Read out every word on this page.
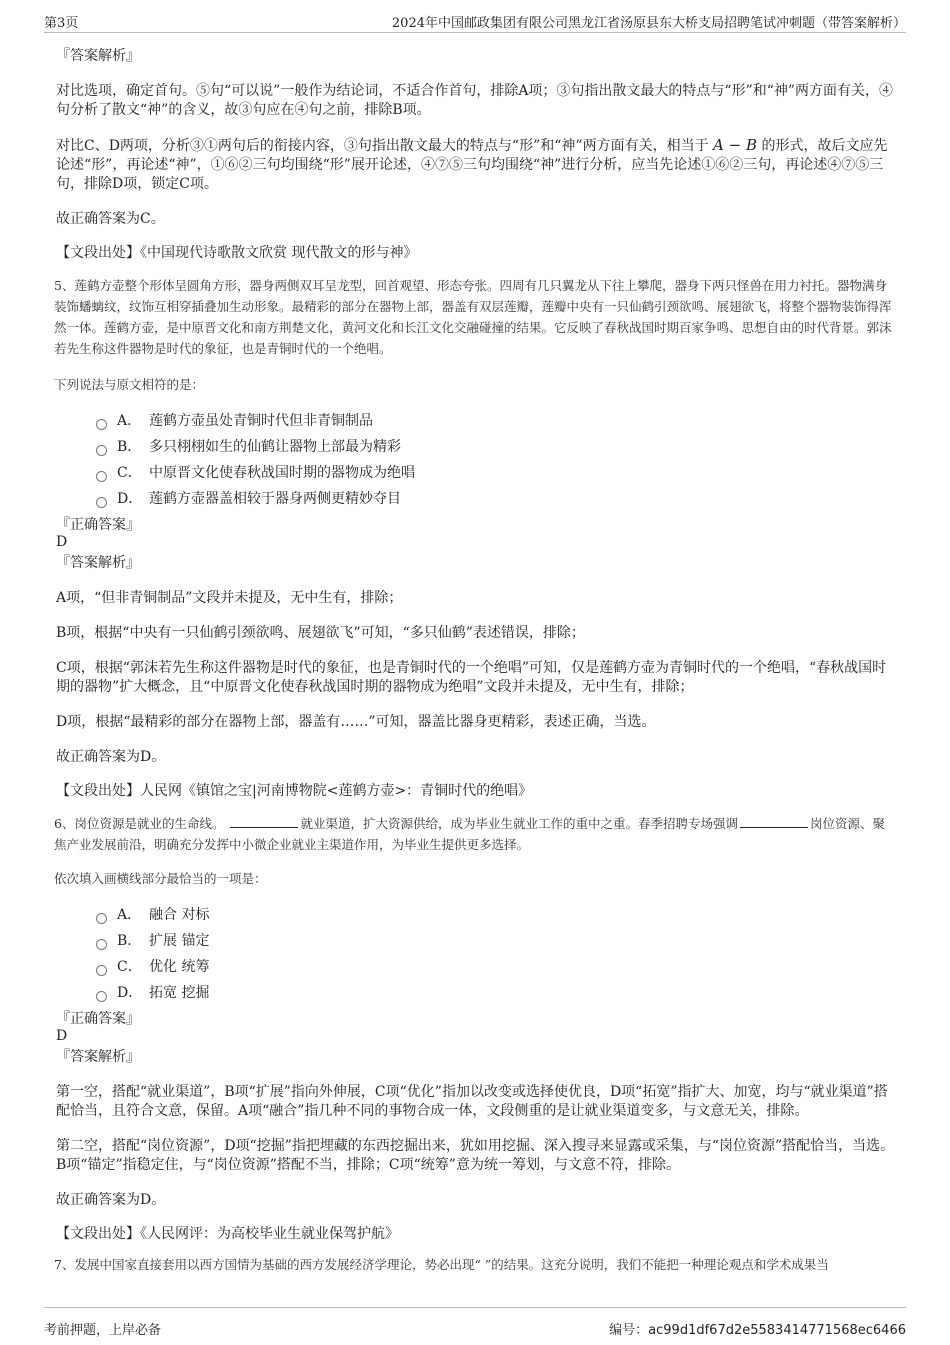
第3页	2024年中国邮政集团有限公司黑龙江省汤原县东大桥支局招聘笔试冲刺题（带答案解析）
『答案解析』

对比选项，确定首句。⑤句“可以说”一般作为结论词，不适合作首句，排除A项；③句指出散文最大的特点与“形”和“神”两方面有关，④句分析了散文“神”的含义，故③句应在④句之前，排除B项。

对比C、D两项，分析③①两句后的衔接内容，③句指出散文最大的特点与“形”和“神”两方面有关，相当于 A − B 的形式，故后文应先论述“形”，再论述“神”，①⑥②三句均围绕“形”展开论述，④⑦⑤三句均围绕“神”进行分析，应当先论述①⑥②三句，再论述④⑦⑤三句，排除D项，锁定C项。

故正确答案为C。

【文段出处】《中国现代诗歌散文欣赏 现代散文的形与神》

5、莲鹤方壶整个形体呈圆角方形，器身两侧双耳呈龙型，回首观望、形态夸张。四周有几只翼龙从下往上攀爬，器身下两只怪兽在用力衬托。器物满身装饰蟠螭纹，纹饰互相穿插叠加生动形象。最精彩的部分在器物上部，器盖有双层莲瓣，莲瓣中央有一只仙鹤引颈欲鸣、展翅欲飞，将整个器物装饰得浑然一体。莲鹤方壶，是中原晋文化和南方荆楚文化，黄河文化和长江文化交融碰撞的结果。它反映了春秋战国时期百家争鸣、思想自由的时代背景。郭沫若先生称这件器物是时代的象征，也是青铜时代的一个绝唱。

下列说法与原文相符的是：

A． 莲鹤方壶虽处青铜时代但非青铜制品
B． 多只栩栩如生的仙鹤让器物上部最为精彩
C． 中原晋文化使春秋战国时期的器物成为绝唱
D． 莲鹤方壶器盖相较于器身两侧更精妙夺目
『正确答案』
D
『答案解析』

A项，“但非青铜制品”文段并未提及，无中生有，排除；

B项，根据“中央有一只仙鹤引颈欲鸣、展翅欲飞”可知，“多只仙鹤”表述错误，排除；

C项，根据“郭沫若先生称这件器物是时代的象征，也是青铜时代的一个绝唱”可知，仅是莲鹤方壶为青铜时代的一个绝唱，“春秋战国时期的器物”扩大概念，且“中原晋文化使春秋战国时期的器物成为绝唱”文段并未提及，无中生有，排除；

D项，根据“最精彩的部分在器物上部，器盖有……”可知，器盖比器身更精彩，表述正确，当选。

故正确答案为D。

【文段出处】人民网《镇馆之宝|河南博物院<莲鹤方壶>：青铜时代的绝唱》

6、岗位资源是就业的生命线。	就业渠道，扩大资源供给，成为毕业生就业工作的重中之重。春季招聘专场强调	岗位资源、聚焦产业发展前沿，明确充分发挥中小微企业就业主渠道作用，为毕业生提供更多选择。

依次填入画横线部分最恰当的一项是：

A． 融合 对标
B． 扩展 锚定
C． 优化 统筹
D． 拓宽 挖掘
『正确答案』
D
『答案解析』

第一空，搭配“就业渠道”，B项“扩展”指向外伸展，C项“优化”指加以改变或选择使优良，D项“拓宽”指扩大、加宽，均与“就业渠道”搭配恰当，且符合文意，保留。A项“融合”指几种不同的事物合成一体，文段侧重的是让就业渠道变多，与文意无关，排除。

第二空，搭配“岗位资源”，D项“挖掘”指把埋藏的东西挖掘出来，犹如用挖掘、深入搜寻来显露或采集，与“岗位资源”搭配恰当，当选。B项“锚定”指稳定住，与“岗位资源”搭配不当，排除；C项“统筹”意为统一筹划，与文意不符，排除。

故正确答案为D。

【文段出处】《人民网评：为高校毕业生就业保驾护航》

7、发展中国家直接套用以西方国情为基础的西方发展经济学理论，势必出现“ ”的结果。这充分说明，我们不能把一种理论观点和学术成果当

考前押题，上岸必备	编号：ac99d1df67d2e5583414771568ec6466
